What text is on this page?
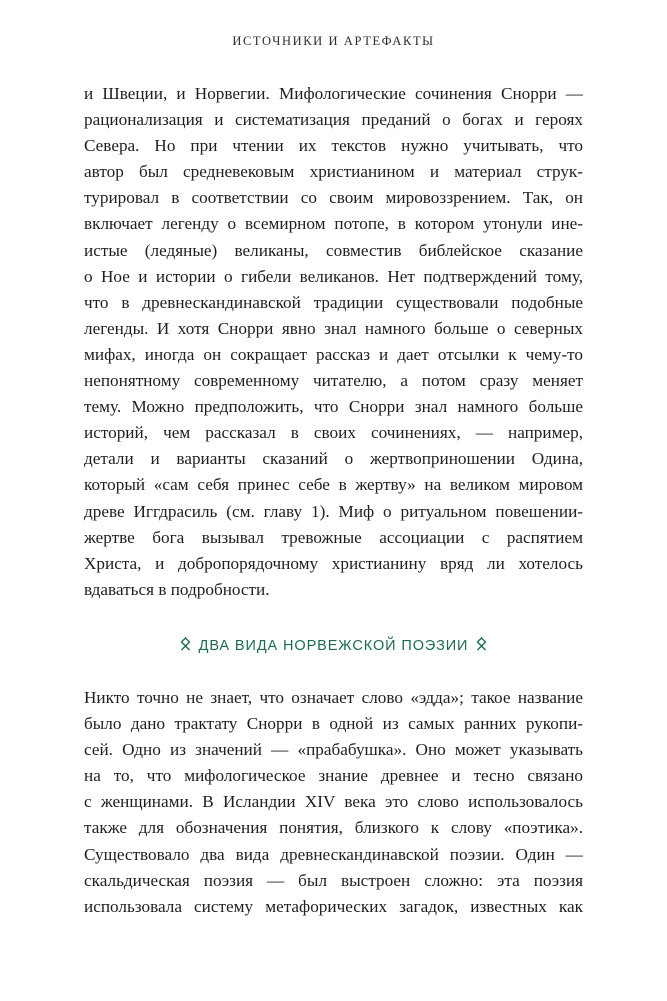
ИСТОЧНИКИ И АРТЕФАКТЫ
и Швеции, и Норвегии. Мифологические сочинения Снорри —
рационализация и систематизация преданий о богах и героях
Севера. Но при чтении их текстов нужно учитывать, что
автор был средневековым христианином и материал струк-
турировал в соответствии со своим мировоззрением. Так, он
включает легенду о всемирном потопе, в котором утонули ине-
истые (ледяные) великаны, совместив библейское сказание
о Ное и истории о гибели великанов. Нет подтверждений тому,
что в древнескандинавской традиции существовали подобные
легенды. И хотя Снорри явно знал намного больше о северных
мифах, иногда он сокращает рассказ и дает отсылки к чему-то
непонятному современному читателю, а потом сразу меняет
тему. Можно предположить, что Снорри знал намного больше
историй, чем рассказал в своих сочинениях, — например,
детали и варианты сказаний о жертвоприношении Одина,
который «сам себя принес себе в жертву» на великом мировом
древе Иггдрасиль (см. главу 1). Миф о ритуальном повешении-
жертве бога вызывал тревожные ассоциации с распятием
Христа, и добропорядочному христианину вряд ли хотелось
вдаваться в подробности.
ДВА ВИДА НОРВЕЖСКОЙ ПОЭЗИИ
Никто точно не знает, что означает слово «эдда»; такое название
было дано трактату Снорри в одной из самых ранних рукопи-
сей. Одно из значений — «прабабушка». Оно может указывать
на то, что мифологическое знание древнее и тесно связано
с женщинами. В Исландии XIV века это слово использовалось
также для обозначения понятия, близкого к слову «поэтика».
Существовало два вида древнескандинавской поэзии. Один —
скальдическая поэзия — был выстроен сложно: эта поэзия
использовала систему метафорических загадок, известных как
